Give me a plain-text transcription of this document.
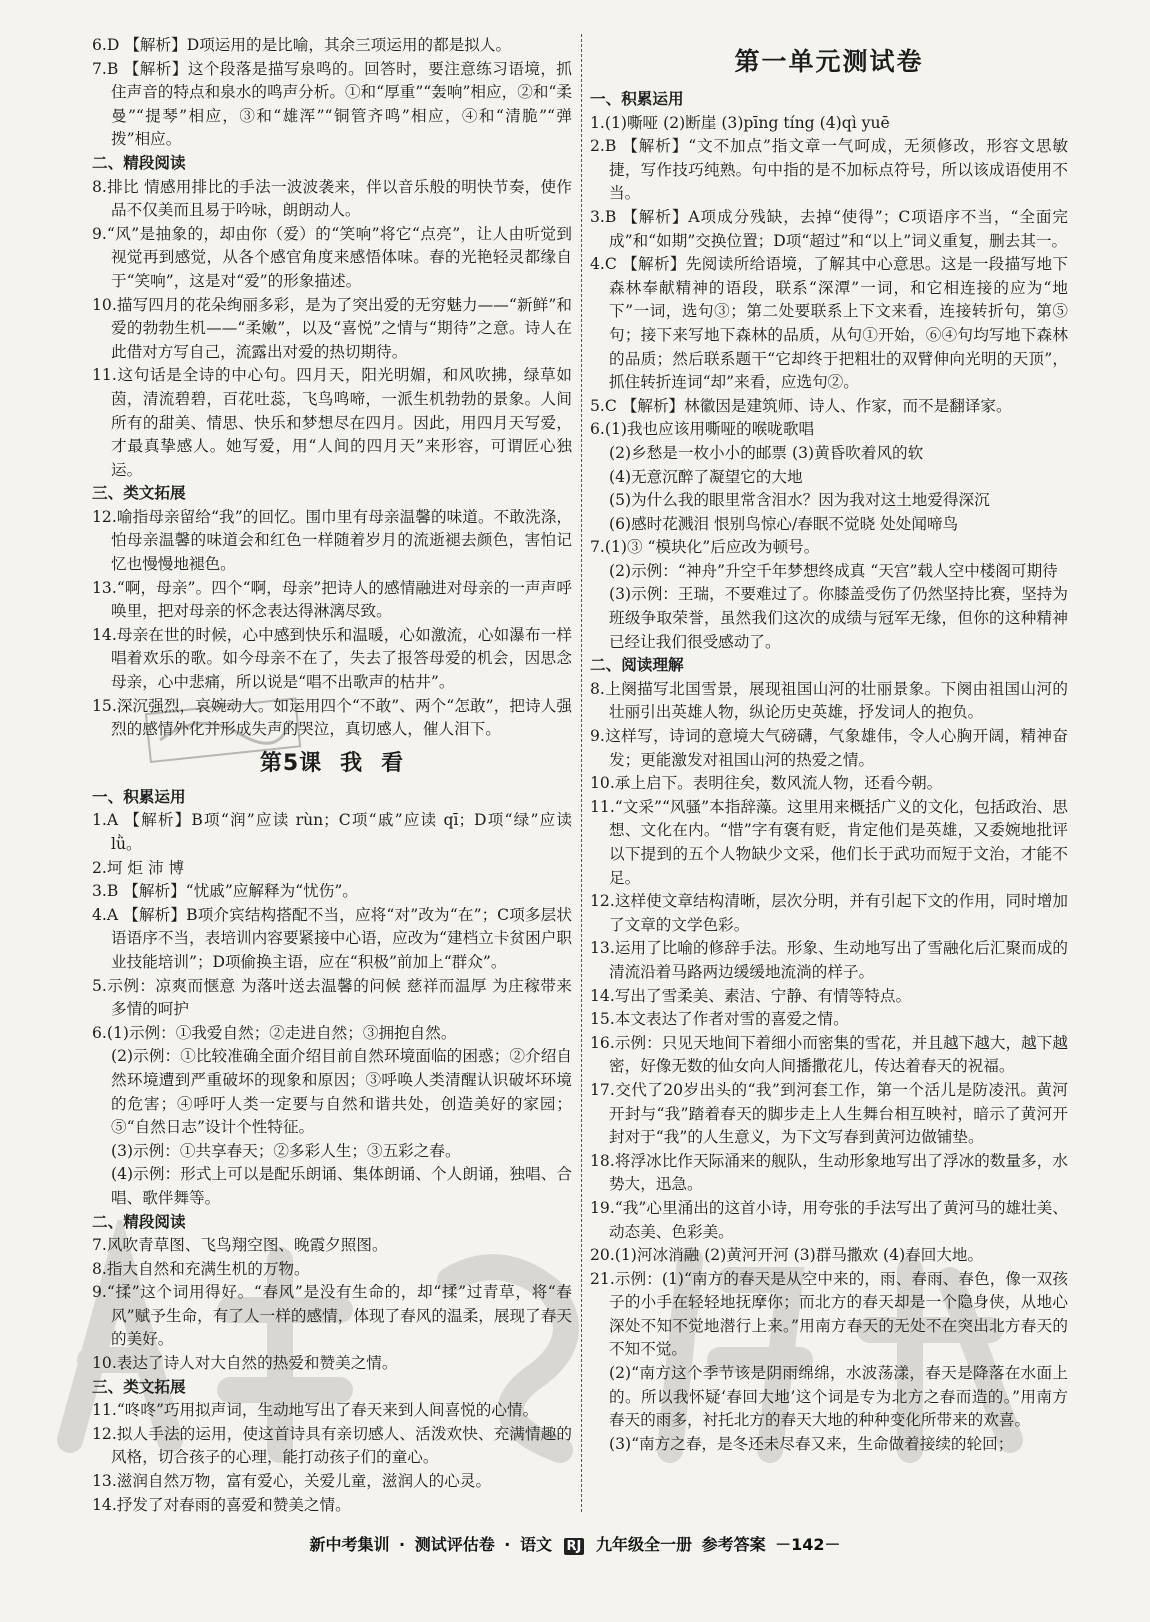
6.D 【解析】D项运用的是比喻，其余三项运用的都是拟人。

7.B 【解析】这个段落是描写泉鸣的。回答时，要注意练习语境，抓住声音的特点和泉水的鸣声分析。①和“厚重”“轰响”相应，②和“柔曼”“提琴”相应，③和“雄浑”“铜管齐鸣”相应，④和“清脆”“弹拨”相应。

二、精段阅读

8.排比 情感用排比的手法一波波袭来，伴以音乐般的明快节奏，使作品不仅美而且易于吟咏，朗朗动人。

9.“风”是抽象的，却由你（爱）的“笑响”将它“点亮”，让人由听觉到视觉再到感觉，从各个感官角度来感悟体味。春的光艳轻灵都缘自于“笑响”，这是对“爱”的形象描述。

10.描写四月的花朵绚丽多彩，是为了突出爱的无穷魅力——“新鲜”和爱的勃勃生机——“柔嫩”，以及“喜悦”之情与“期待”之意。诗人在此借对方写自己，流露出对爱的热切期待。

11.这句话是全诗的中心句。四月天，阳光明媚，和风吹拂，绿草如茵，清流碧碧，百花吐蕊，飞鸟鸣啼，一派生机勃勃的景象。人间所有的甜美、情思、快乐和梦想尽在四月。因此，用四月天写爱，才最真挚感人。她写爱，用“人间的四月天”来形容，可谓匠心独运。

三、类文拓展

12.喻指母亲留给“我”的回忆。围巾里有母亲温馨的味道。不敢洗涤，怕母亲温馨的味道会和红色一样随着岁月的流逝褪去颜色，害怕记忆也慢慢地褪色。

13.“啊，母亲”。四个“啊，母亲”把诗人的感情融进对母亲的一声声呼唤里，把对母亲的怀念表达得淋漓尽致。

14.母亲在世的时候，心中感到快乐和温暖，心如激流，心如瀑布一样唱着欢乐的歌。如今母亲不在了，失去了报答母爱的机会，因思念母亲，心中悲痛，所以说是“唱不出歌声的枯井”。

15.深沉强烈，哀婉动人。如运用四个“不敢”、两个“怎敢”，把诗人强烈的感情外化并形成失声的哭泣，真切感人，催人泪下。

第5课 我 看
一、积累运用

1.A 【解析】B项“润”应读 rùn；C项“戚”应读 qī；D项“绿”应读 lǜ。

2.坷 炬 沛 博

3.B 【解析】“忧戚”应解释为“忧伤”。

4.A 【解析】B项介宾结构搭配不当，应将“对”改为“在”；C项多层状语语序不当，表培训内容要紧接中心语，应改为“建档立卡贫困户职业技能培训”；D项偷换主语，应在“积极”前加上“群众”。

5.示例：凉爽而惬意 为落叶送去温馨的问候 慈祥而温厚 为庄稼带来多情的呵护

6.(1)示例：①我爱自然；②走进自然；③拥抱自然。

(2)示例：①比较准确全面介绍目前自然环境面临的困惑；②介绍自然环境遭到严重破坏的现象和原因；③呼唤人类清醒认识破坏环境的危害；④呼吁人类一定要与自然和谐共处，创造美好的家园；⑤“自然日志”设计个性特征。

(3)示例：①共享春天；②多彩人生；③五彩之春。

(4)示例：形式上可以是配乐朗诵、集体朗诵、个人朗诵，独唱、合唱、歌伴舞等。

二、精段阅读

7.风吹青草图、飞鸟翔空图、晚霞夕照图。

8.指大自然和充满生机的万物。

9.“揉”这个词用得好。“春风”是没有生命的，却“揉”过青草，将“春风”赋予生命，有了人一样的感情，体现了春风的温柔，展现了春天的美好。

10.表达了诗人对大自然的热爱和赞美之情。

三、类文拓展

11.“咚咚”巧用拟声词，生动地写出了春天来到人间喜悦的心情。

12.拟人手法的运用，使这首诗具有亲切感人、活泼欢快、充满情趣的风格，切合孩子的心理，能打动孩子们的童心。

13.滋润自然万物，富有爱心，关爱儿童，滋润人的心灵。

14.抒发了对春雨的喜爱和赞美之情。

第一单元测试卷
一、积累运用

1.(1)嘶哑 (2)断崖 (3)pīng tíng (4)qì yuē

2.B 【解析】“文不加点”指文章一气呵成，无须修改，形容文思敏捷，写作技巧纯熟。句中指的是不加标点符号，所以该成语使用不当。

3.B 【解析】A项成分残缺，去掉“使得”；C项语序不当，“全面完成”和“如期”交换位置；D项“超过”和“以上”词义重复，删去其一。

4.C 【解析】先阅读所给语境，了解其中心意思。这是一段描写地下森林奉献精神的语段，联系“深潭”一词，和它相连接的应为“地下”一词，选句③；第二处要联系上下文来看，连接转折句，第⑤句；接下来写地下森林的品质，从句①开始，⑥④句均写地下森林的品质；然后联系题干“它却终于把粗壮的双臂伸向光明的天顶”，抓住转折连词“却”来看，应选句②。

5.C 【解析】林徽因是建筑师、诗人、作家，而不是翻译家。

6.(1)我也应该用嘶哑的喉咙歌唱

(2)乡愁是一枚小小的邮票 (3)黄昏吹着风的软

(4)无意沉醉了凝望它的大地

(5)为什么我的眼里常含泪水？因为我对这土地爱得深沉

(6)感时花溅泪 恨别鸟惊心/春眠不觉晓 处处闻啼鸟

7.(1)③ “模块化”后应改为顿号。

(2)示例：“神舟”升空千年梦想终成真 “天宫”载人空中楼阁可期待

(3)示例：王瑞，不要难过了。你膝盖受伤了仍然坚持比赛，坚持为班级争取荣誉，虽然我们这次的成绩与冠军无缘，但你的这种精神已经让我们很受感动了。

二、阅读理解

8.上阕描写北国雪景，展现祖国山河的壮丽景象。下阕由祖国山河的壮丽引出英雄人物，纵论历史英雄，抒发词人的抱负。

9.这样写，诗词的意境大气磅礴，气象雄伟，令人心胸开阔，精神奋发；更能激发对祖国山河的热爱之情。

10.承上启下。表明往矣，数风流人物，还看今朝。

11.“文采”“风骚”本指辞藻。这里用来概括广义的文化，包括政治、思想、文化在内。“惜”字有褒有贬，肯定他们是英雄，又委婉地批评以下提到的五个人物缺少文采，他们长于武功而短于文治，才能不足。

12.这样使文章结构清晰，层次分明，并有引起下文的作用，同时增加了文章的文学色彩。

13.运用了比喻的修辞手法。形象、生动地写出了雪融化后汇聚而成的清流沿着马路两边缓缓地流淌的样子。

14.写出了雪柔美、素洁、宁静、有情等特点。

15.本文表达了作者对雪的喜爱之情。

16.示例：只见天地间下着细小而密集的雪花，并且越下越大，越下越密，好像无数的仙女向人间播撒花儿，传达着春天的祝福。

17.交代了20岁出头的“我”到河套工作，第一个活儿是防凌汛。黄河开封与“我”踏着春天的脚步走上人生舞台相互映衬，暗示了黄河开封对于“我”的人生意义，为下文写春到黄河边做铺垫。

18.将浮冰比作天际涌来的舰队，生动形象地写出了浮冰的数量多，水势大，迅急。

19.“我”心里涌出的这首小诗，用夸张的手法写出了黄河马的雄壮美、动态美、色彩美。

20.(1)河冰消融 (2)黄河开河 (3)群马撒欢 (4)春回大地。

21.示例：(1)“南方的春天是从空中来的，雨、春雨、春色，像一双孩子的小手在轻轻地抚摩你；而北方的春天却是一个隐身侠，从地心深处不知不觉地潜行上来。”用南方春天的无处不在突出北方春天的不知不觉。

(2)“南方这个季节该是阴雨绵绵，水波荡漾，春天是降落在水面上的。所以我怀疑‘春回大地’这个词是专为北方之春而造的。”用南方春天的雨多，衬托北方的春天大地的种种变化所带来的欢喜。

(3)“南方之春，是冬还未尽春又来，生命做着接续的轮回；

新中考集训 · 测试评估卷 · 语文 RJ 九年级全一册 参考答案 －142－
